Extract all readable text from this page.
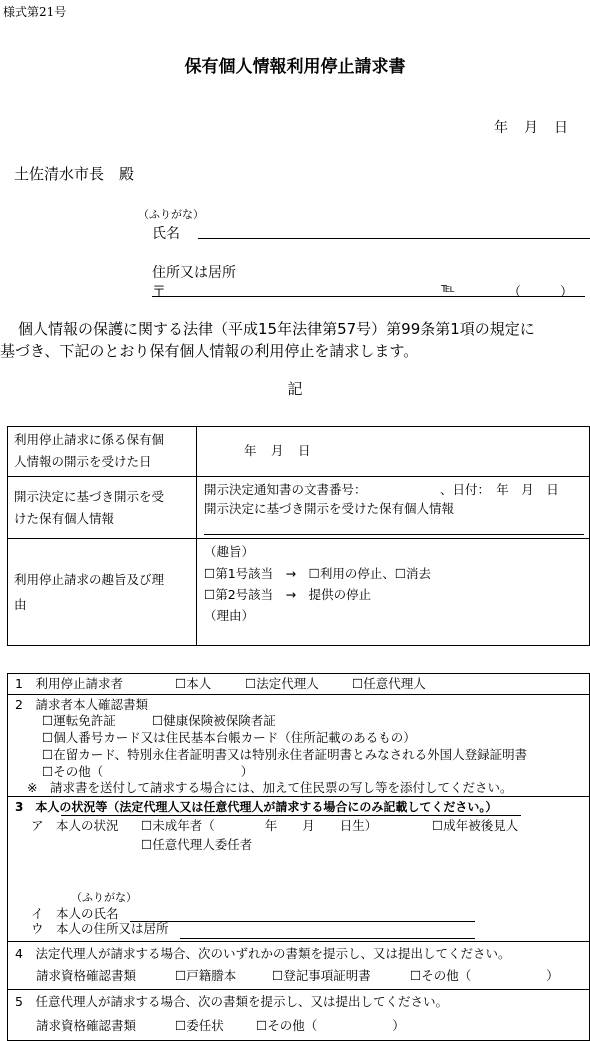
様式第21号
保有個人情報利用停止請求書
年　月　日
土佐清水市長　殿
（ふりがな）
氏名
住所又は居所
〒	℡	（　　　）
個人情報の保護に関する法律（平成15年法律第57号）第99条第1項の規定に
基づき、下記のとおり保有個人情報の利用停止を請求します。
記
利用停止請求に係る保有個
人情報の開示を受けた日
年　月　日
開示決定に基づき開示を受
けた保有個人情報
開示決定通知書の文書番号：	、日付：　年　月　日
開示決定に基づき開示を受けた保有個人情報
利用停止請求の趣旨及び理
由
（趣旨）
☐第1号該当　→　☐利用の停止、☐消去
☐第2号該当　→　提供の停止
（理由）
1　利用停止請求者	☐本人	☐法定代理人	☐任意代理人
2　請求者本人確認書類
☐運転免許証	☐健康保険被保険者証
☐個人番号カード又は住民基本台帳カード（住所記載のあるもの）
☐在留カード、特別永住者証明書又は特別永住者証明書とみなされる外国人登録証明書
☐その他（　　　　　　　　　　　）
※　請求書を送付して請求する場合には、加えて住民票の写し等を添付してください。
3　本人の状況等（法定代理人又は任意代理人が請求する場合にのみ記載してください。）
ア　本人の状況 ☐未成年者（　　　　年　　月　　日生）	☐成年被後見人
☐任意代理人委任者
（ふりがな）
イ　本人の氏名
ウ　本人の住所又は居所
4　法定代理人が請求する場合、次のいずれかの書類を提示し、又は提出してください。
請求資格確認書類	☐戸籍謄本	☐登記事項証明書	☐その他（　　　　　　）
5　任意代理人が請求する場合、次の書類を提示し、又は提出してください。
請求資格確認書類	☐委任状	☐その他（　　　　　　）
